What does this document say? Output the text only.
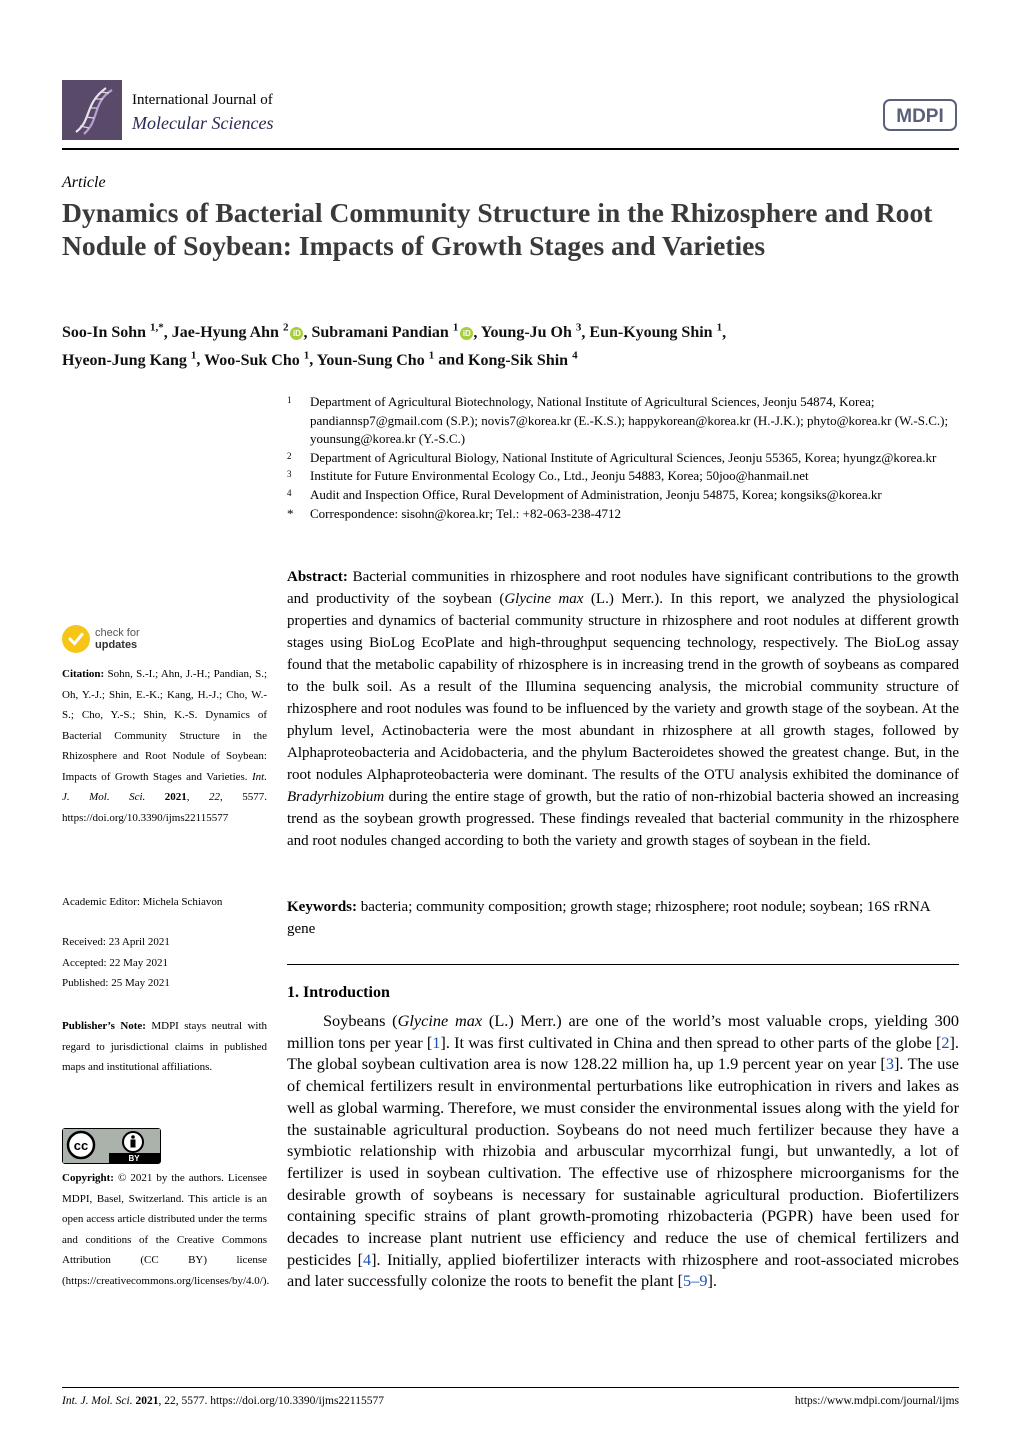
International Journal of
Molecular Sciences	MDPI
Article
Dynamics of Bacterial Community Structure in the Rhizosphere and Root Nodule of Soybean: Impacts of Growth Stages and Varieties
Soo-In Sohn $^{1,*}$, Jae-Hyung Ahn $^2$ iD , Subramani Pandian $^1$ iD , Young-Ju Oh $^3$, Eun-Kyoung Shin $^1$,
Hyeon-Jung Kang $^1$, Woo-Suk Cho $^1$, Youn-Sung Cho $^1$ and Kong-Sik Shin $^4$
1 Department of Agricultural Biotechnology, National Institute of Agricultural Sciences, Jeonju 54874, Korea; pandiannsp7@gmail.com (S.P.); novis7@korea.kr (E.-K.S.); happykorean@korea.kr (H.-J.K.); phyto@korea.kr (W.-S.C.); younsung@korea.kr (Y.-S.C.)
2 Department of Agricultural Biology, National Institute of Agricultural Sciences, Jeonju 55365, Korea; hyungz@korea.kr
3 Institute for Future Environmental Ecology Co., Ltd., Jeonju 54883, Korea; 50joo@hanmail.net
4 Audit and Inspection Office, Rural Development of Administration, Jeonju 54875, Korea; kongsiks@korea.kr
* Correspondence: sisohn@korea.kr; Tel.: +82-063-238-4712
check for
updates
Citation: Sohn, S.-I.; Ahn, J.-H.; Pandian, S.; Oh, Y.-J.; Shin, E.-K.; Kang, H.-J.; Cho, W.-S.; Cho, Y.-S.; Shin, K.-S. Dynamics of Bacterial Community Structure in the Rhizosphere and Root Nodule of Soybean: Impacts of Growth Stages and Varieties. Int. J. Mol. Sci. 2021, 22, 5577. https://doi.org/10.3390/ijms22115577
Academic Editor: Michela Schiavon
Received: 23 April 2021
Accepted: 22 May 2021
Published: 25 May 2021
Publisher’s Note: MDPI stays neutral with regard to jurisdictional claims in published maps and institutional affiliations.
cc
BY
Copyright: © 2021 by the authors. Licensee MDPI, Basel, Switzerland. This article is an open access article distributed under the terms and conditions of the Creative Commons Attribution (CC BY) license (https://creativecommons.org/licenses/by/4.0/).
Abstract: Bacterial communities in rhizosphere and root nodules have significant contributions to the growth and productivity of the soybean (Glycine max (L.) Merr.). In this report, we analyzed the physiological properties and dynamics of bacterial community structure in rhizosphere and root nodules at different growth stages using BioLog EcoPlate and high-throughput sequencing technology, respectively. The BioLog assay found that the metabolic capability of rhizosphere is in increasing trend in the growth of soybeans as compared to the bulk soil. As a result of the Illumina sequencing analysis, the microbial community structure of rhizosphere and root nodules was found to be influenced by the variety and growth stage of the soybean. At the phylum level, Actinobacteria were the most abundant in rhizosphere at all growth stages, followed by Alphaproteobacteria and Acidobacteria, and the phylum Bacteroidetes showed the greatest change. But, in the root nodules Alphaproteobacteria were dominant. The results of the OTU analysis exhibited the dominance of Bradyrhizobium during the entire stage of growth, but the ratio of non-rhizobial bacteria showed an increasing trend as the soybean growth progressed. These findings revealed that bacterial community in the rhizosphere and root nodules changed according to both the variety and growth stages of soybean in the field.
Keywords: bacteria; community composition; growth stage; rhizosphere; root nodule; soybean; 16S rRNA gene
1. Introduction
Soybeans (Glycine max (L.) Merr.) are one of the world’s most valuable crops, yielding 300 million tons per year [1]. It was first cultivated in China and then spread to other parts of the globe [2]. The global soybean cultivation area is now 128.22 million ha, up 1.9 percent year on year [3]. The use of chemical fertilizers result in environmental perturbations like eutrophication in rivers and lakes as well as global warming. Therefore, we must consider the environmental issues along with the yield for the sustainable agricultural production. Soybeans do not need much fertilizer because they have a symbiotic relationship with rhizobia and arbuscular mycorrhizal fungi, but unwantedly, a lot of fertilizer is used in soybean cultivation. The effective use of rhizosphere microorganisms for the desirable growth of soybeans is necessary for sustainable agricultural production. Biofertilizers containing specific strains of plant growth-promoting rhizobacteria (PGPR) have been used for decades to increase plant nutrient use efficiency and reduce the use of chemical fertilizers and pesticides [4]. Initially, applied biofertilizer interacts with rhizosphere and root-associated microbes and later successfully colonize the roots to benefit the plant [5–9].
Int. J. Mol. Sci. 2021, 22, 5577. https://doi.org/10.3390/ijms22115577	https://www.mdpi.com/journal/ijms
